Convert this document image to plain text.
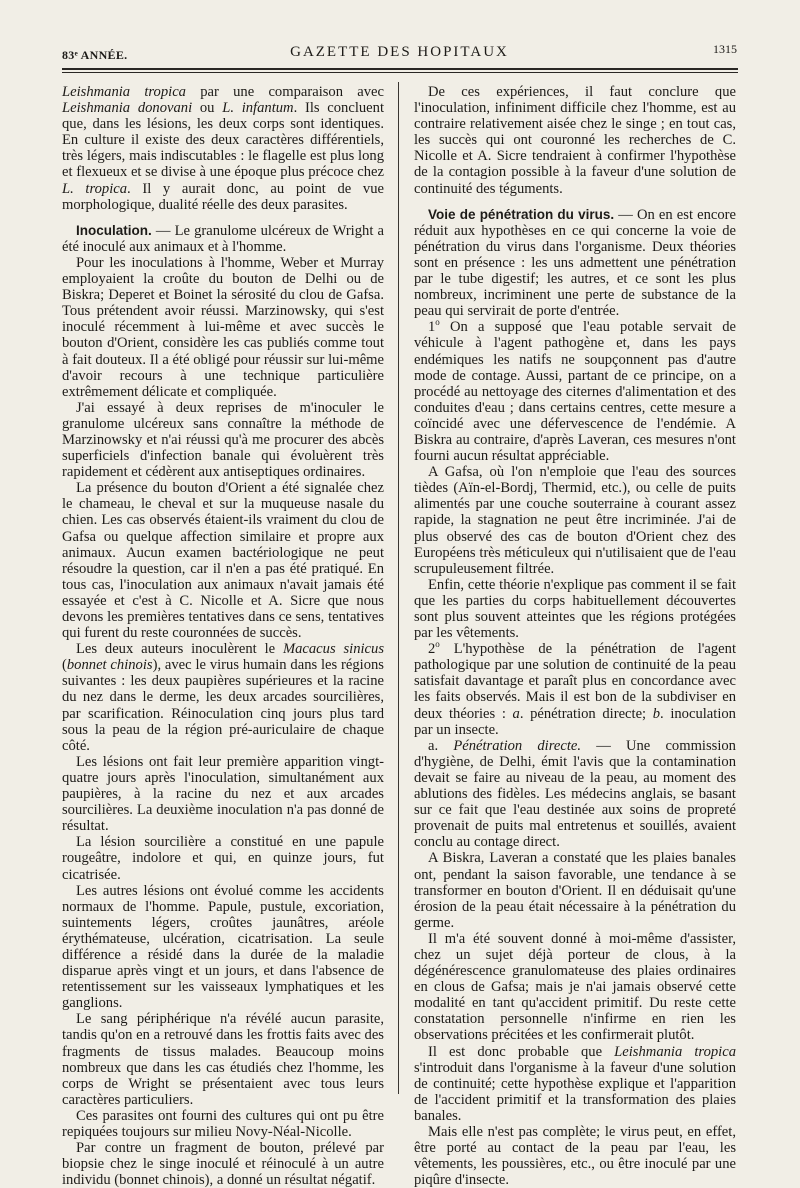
83ᵉ ANNÉE.	GAZETTE DES HOPITAUX	1315

Leishmania tropica par une comparaison avec Leishmania donovani ou L. infantum. Ils concluent que, dans les lésions, les deux corps sont identiques. En culture il existe des deux caractères différentiels, très légers, mais indiscutables : le flagelle est plus long et flexueux et se divise à une époque plus précoce chez L. tropica. Il y aurait donc, au point de vue morphologique, dualité réelle des deux parasites.

Inoculation. — Le granulome ulcéreux de Wright a été inoculé aux animaux et à l'homme.

Pour les inoculations à l'homme, Weber et Murray employaient la croûte du bouton de Delhi ou de Biskra; Deperet et Boinet la sérosité du clou de Gafsa. Tous prétendent avoir réussi. Marzinowsky, qui s'est inoculé récemment à lui-même et avec succès le bouton d'Orient, considère les cas publiés comme tout à fait douteux. Il a été obligé pour réussir sur lui-même d'avoir recours à une technique particulière extrêmement délicate et compliquée.

J'ai essayé à deux reprises de m'inoculer le granulome ulcéreux sans connaître la méthode de Marzinowsky et n'ai réussi qu'à me procurer des abcès superficiels d'infection banale qui évoluèrent très rapidement et cédèrent aux antiseptiques ordinaires.

La présence du bouton d'Orient a été signalée chez le chameau, le cheval et sur la muqueuse nasale du chien. Les cas observés étaient-ils vraiment du clou de Gafsa ou quelque affection similaire et propre aux animaux. Aucun examen bactériologique ne peut résoudre la question, car il n'en a pas été pratiqué. En tous cas, l'inoculation aux animaux n'avait jamais été essayée et c'est à C. Nicolle et A. Sicre que nous devons les premières tentatives dans ce sens, tentatives qui furent du reste couronnées de succès.

Les deux auteurs inoculèrent le Macacus sinicus (bonnet chinois), avec le virus humain dans les régions suivantes : les deux paupières supérieures et la racine du nez dans le derme, les deux arcades sourcilières, par scarification. Réinoculation cinq jours plus tard sous la peau de la région pré-auriculaire de chaque côté.

Les lésions ont fait leur première apparition vingt-quatre jours après l'inoculation, simultanément aux paupières, à la racine du nez et aux arcades sourcilières. La deuxième inoculation n'a pas donné de résultat.

La lésion sourcilière a constitué en une papule rougeâtre, indolore et qui, en quinze jours, fut cicatrisée.

Les autres lésions ont évolué comme les accidents normaux de l'homme. Papule, pustule, excoriation, suintements légers, croûtes jaunâtres, aréole érythémateuse, ulcération, cicatrisation. La seule différence a résidé dans la durée de la maladie disparue après vingt et un jours, et dans l'absence de retentissement sur les vaisseaux lymphatiques et les ganglions.

Le sang périphérique n'a révélé aucun parasite, tandis qu'on en a retrouvé dans les frottis faits avec des fragments de tissus malades. Beaucoup moins nombreux que dans les cas étudiés chez l'homme, les corps de Wright se présentaient avec tous leurs caractères particuliers.

Ces parasites ont fourni des cultures qui ont pu être repiquées toujours sur milieu Novy-Néal-Nicolle.

Par contre un fragment de bouton, prélevé par biopsie chez le singe inoculé et réinoculé à un autre individu (bonnet chinois), a donné un résultat négatif.

De ces expériences, il faut conclure que l'inoculation, infiniment difficile chez l'homme, est au contraire relativement aisée chez le singe ; en tout cas, les succès qui ont couronné les recherches de C. Nicolle et A. Sicre tendraient à confirmer l'hypothèse de la contagion possible à la faveur d'une solution de continuité des téguments.

Voie de pénétration du virus. — On en est encore réduit aux hypothèses en ce qui concerne la voie de pénétration du virus dans l'organisme. Deux théories sont en présence : les uns admettent une pénétration par le tube digestif; les autres, et ce sont les plus nombreux, incriminent une perte de substance de la peau qui servirait de porte d'entrée.

1$^o$ On a supposé que l'eau potable servait de véhicule à l'agent pathogène et, dans les pays endémiques les natifs ne soupçonnent pas d'autre mode de contage. Aussi, partant de ce principe, on a procédé au nettoyage des citernes d'alimentation et des conduites d'eau ; dans certains centres, cette mesure a coïncidé avec une défervescence de l'endémie. A Biskra au contraire, d'après Laveran, ces mesures n'ont fourni aucun résultat appréciable.

A Gafsa, où l'on n'emploie que l'eau des sources tièdes (Aïn-el-Bordj, Thermid, etc.), ou celle de puits alimentés par une couche souterraine à courant assez rapide, la stagnation ne peut être incriminée. J'ai de plus observé des cas de bouton d'Orient chez des Européens très méticuleux qui n'utilisaient que de l'eau scrupuleusement filtrée.

Enfin, cette théorie n'explique pas comment il se fait que les parties du corps habituellement découvertes sont plus souvent atteintes que les régions protégées par les vêtements.

2$^o$ L'hypothèse de la pénétration de l'agent pathologique par une solution de continuité de la peau satisfait davantage et paraît plus en concordance avec les faits observés. Mais il est bon de la subdiviser en deux théories : a. pénétration directe; b. inoculation par un insecte.

a. Pénétration directe. — Une commission d'hygiène, de Delhi, émit l'avis que la contamination devait se faire au niveau de la peau, au moment des ablutions des fidèles. Les médecins anglais, se basant sur ce fait que l'eau destinée aux soins de propreté provenait de puits mal entretenus et souillés, avaient conclu au contage direct.

A Biskra, Laveran a constaté que les plaies banales ont, pendant la saison favorable, une tendance à se transformer en bouton d'Orient. Il en déduisait qu'une érosion de la peau était nécessaire à la pénétration du germe.

Il m'a été souvent donné à moi-même d'assister, chez un sujet déjà porteur de clous, à la dégénérescence granulomateuse des plaies ordinaires en clous de Gafsa; mais je n'ai jamais observé cette modalité en tant qu'accident primitif. Du reste cette constatation personnelle n'infirme en rien les observations précitées et les confirmerait plutôt.

Il est donc probable que Leishmania tropica s'introduit dans l'organisme à la faveur d'une solution de continuité; cette hypothèse explique et l'apparition de l'accident primitif et la transformation des plaies banales.

Mais elle n'est pas complète; le virus peut, en effet, être porté au contact de la peau par l'eau, les vêtements, les poussières, etc., ou être inoculé par une piqûre d'insecte.
